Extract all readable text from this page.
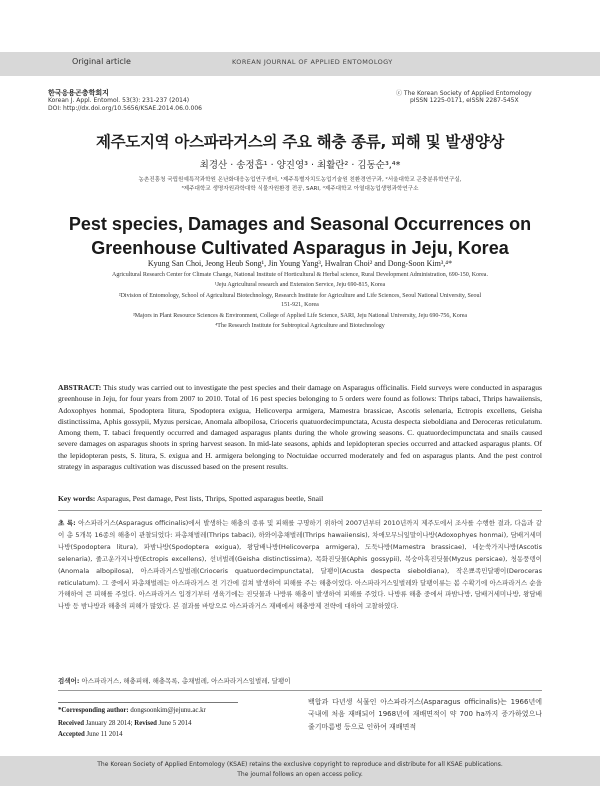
Original article	KOREAN JOURNAL OF APPLIED ENTOMOLOGY
한국응용곤충학회지
Korean J. Appl. Entomol. 53(3): 231-237 (2014)
DOI: http://dx.doi.org/10.5656/KSAE.2014.06.0.006
ⓒ The Korean Society of Applied Entomology
pISSN 1225-0171, eISSN 2287-545X
제주도지역 아스파라거스의 주요 해충 종류, 피해 및 발생양상
최경산 · 송정흡¹ · 양진영³ · 최활란² · 김동순³,⁴*
농촌진흥청 국립원예특작과학원 온난화대응농업연구센터, ¹제주특별자치도농업기술원 친환경연구과, ²서울대학교 곤충분류학연구실,
³제주대학교 생명자원과학대학 식물자원환경 전공, SARI, ⁴제주대학교 아열대농업생명과학연구소
Pest species, Damages and Seasonal Occurrences on Greenhouse Cultivated Asparagus in Jeju, Korea
Kyung San Choi, Jeong Heub Song¹, Jin Young Yang³, Hwalran Choi² and Dong-Soon Kim³,⁴*
Agricultural Research Center for Climate Change, National Institute of Horticultural & Herbal science, Rural Development Administration, 690-150, Korea.
¹Jeju Agricultural research and Extension Service, Jeju 690-815, Korea
²Division of Entomology, School of Agricultural Biotechnology, Research Institute for Agriculture and Life Sciences, Seoul National University, Seoul
151-921, Korea
³Majors in Plant Resource Sciences & Environment, College of Applied Life Science, SARI, Jeju National University, Jeju 690-756, Korea
⁴The Research Institute for Subtropical Agriculture and Biotechnology
ABSTRACT: This study was carried out to investigate the pest species and their damage on Asparagus officinalis. Field surveys were conducted in asparagus greenhouse in Jeju, for four years from 2007 to 2010. Total of 16 pest species belonging to 5 orders were found as follows: Thrips tabaci, Thrips hawaiiensis, Adoxophyes honmai, Spodoptera litura, Spodoptera exigua, Helicoverpa armigera, Mamestra brassicae, Ascotis selenaria, Ectropis excellens, Geisha distinctissima, Aphis gossypii, Myzus persicae, Anomala albopilosa, Crioceris quatuordecimpunctata, Acusta despecta sieboldiana and Deroceras reticulatum. Among them, T. tabaci frequently occurred and damaged asparagus plants during the whole growing seasons. C. quatuordecimpunctata and snails caused severe damages on asparagus shoots in spring harvest season. In mid-late seasons, aphids and lepidopteran species occurred and attacked asparagus plants. Of the lepidopteran pests, S. litura, S. exigua and H. armigera belonging to Noctuidae occurred moderately and fed on asparagus plants. And the pest control strategy in asparagus cultivation was discussed based on the present results.
Key words: Asparagus, Pest damage, Pest lists, Thrips, Spotted asparagus beetle, Snail
초 록: 아스파라거스(Asparagus officinalis)에서 발생하는 해충의 종류 및 피해를 구명하기 위하여 2007년부터 2010년까지 제주도에서 조사를 수행한 결과, 다음과 같이 총 5개목 16종의 해충이 관찰되었다: 파총채벌레(Thrips tabaci), 하와이총채벌레(Thrips hawaiiensis), 차애모무늬잎말이나방(Adoxophyes honmai), 담배거세미나방(Spodoptera litura), 파밤나방(Spodoptera exigua), 왕담배나방(Helicoverpa armigera), 도둑나방(Mamestra brassicae), 네눈쑥가지나방(Ascotis selenaria), 줄고운가지나방(Ectropis excellens), 선녀벌레(Geisha distinctissima), 목화진딧물(Aphis gossypii), 복숭아혹진딧물(Myzus persicae), 청동풍뎅이(Anomala albopilosa), 아스파라거스잎벌레(Crioceris quatuordecimpunctata), 달팽이(Acusta despecta sieboldiana), 작은뾰족민달팽이(Deroceras reticulatum). 그 중에서 파총채벌레는 아스파라거스 전 기간에 걸쳐 발생하여 피해를 주는 해충이었다. 아스파라거스잎벌레와 달팽이류는 봄 수확기에 아스파라거스 순을 가해하여 큰 피해를 주었다. 아스파라거스 입경기부터 생육기에는 진딧물과 나방류 해충이 발생하여 피해를 주었다. 나방류 해충 중에서 파밤나방, 담배거세미나방, 왕담배나방 등 밤나방과 해충의 피해가 많았다. 본 결과를 바탕으로 아스파라거스 재배에서 해충방제 전략에 대하여 고찰하였다.
검색어: 아스파라거스, 해충피해, 해충목록, 총채벌레, 아스파라거스잎벌레, 달팽이
*Corresponding author: dongsoonkim@jejunu.ac.kr
Received January 28 2014; Revised June 5 2014
Accepted June 11 2014
백합과 다년생 식물인 아스파라거스(Asparagus officinalis)는 1966년에 국내에 처음 재배되어 1968년에 재배면적이 약 700 ha까지 증가하였으나 줄기마름병 등으로 인하여 재배면적
The Korean Society of Applied Entomology (KSAE) retains the exclusive copyright to reproduce and distribute for all KSAE publications.
The journal follows an open access policy.
